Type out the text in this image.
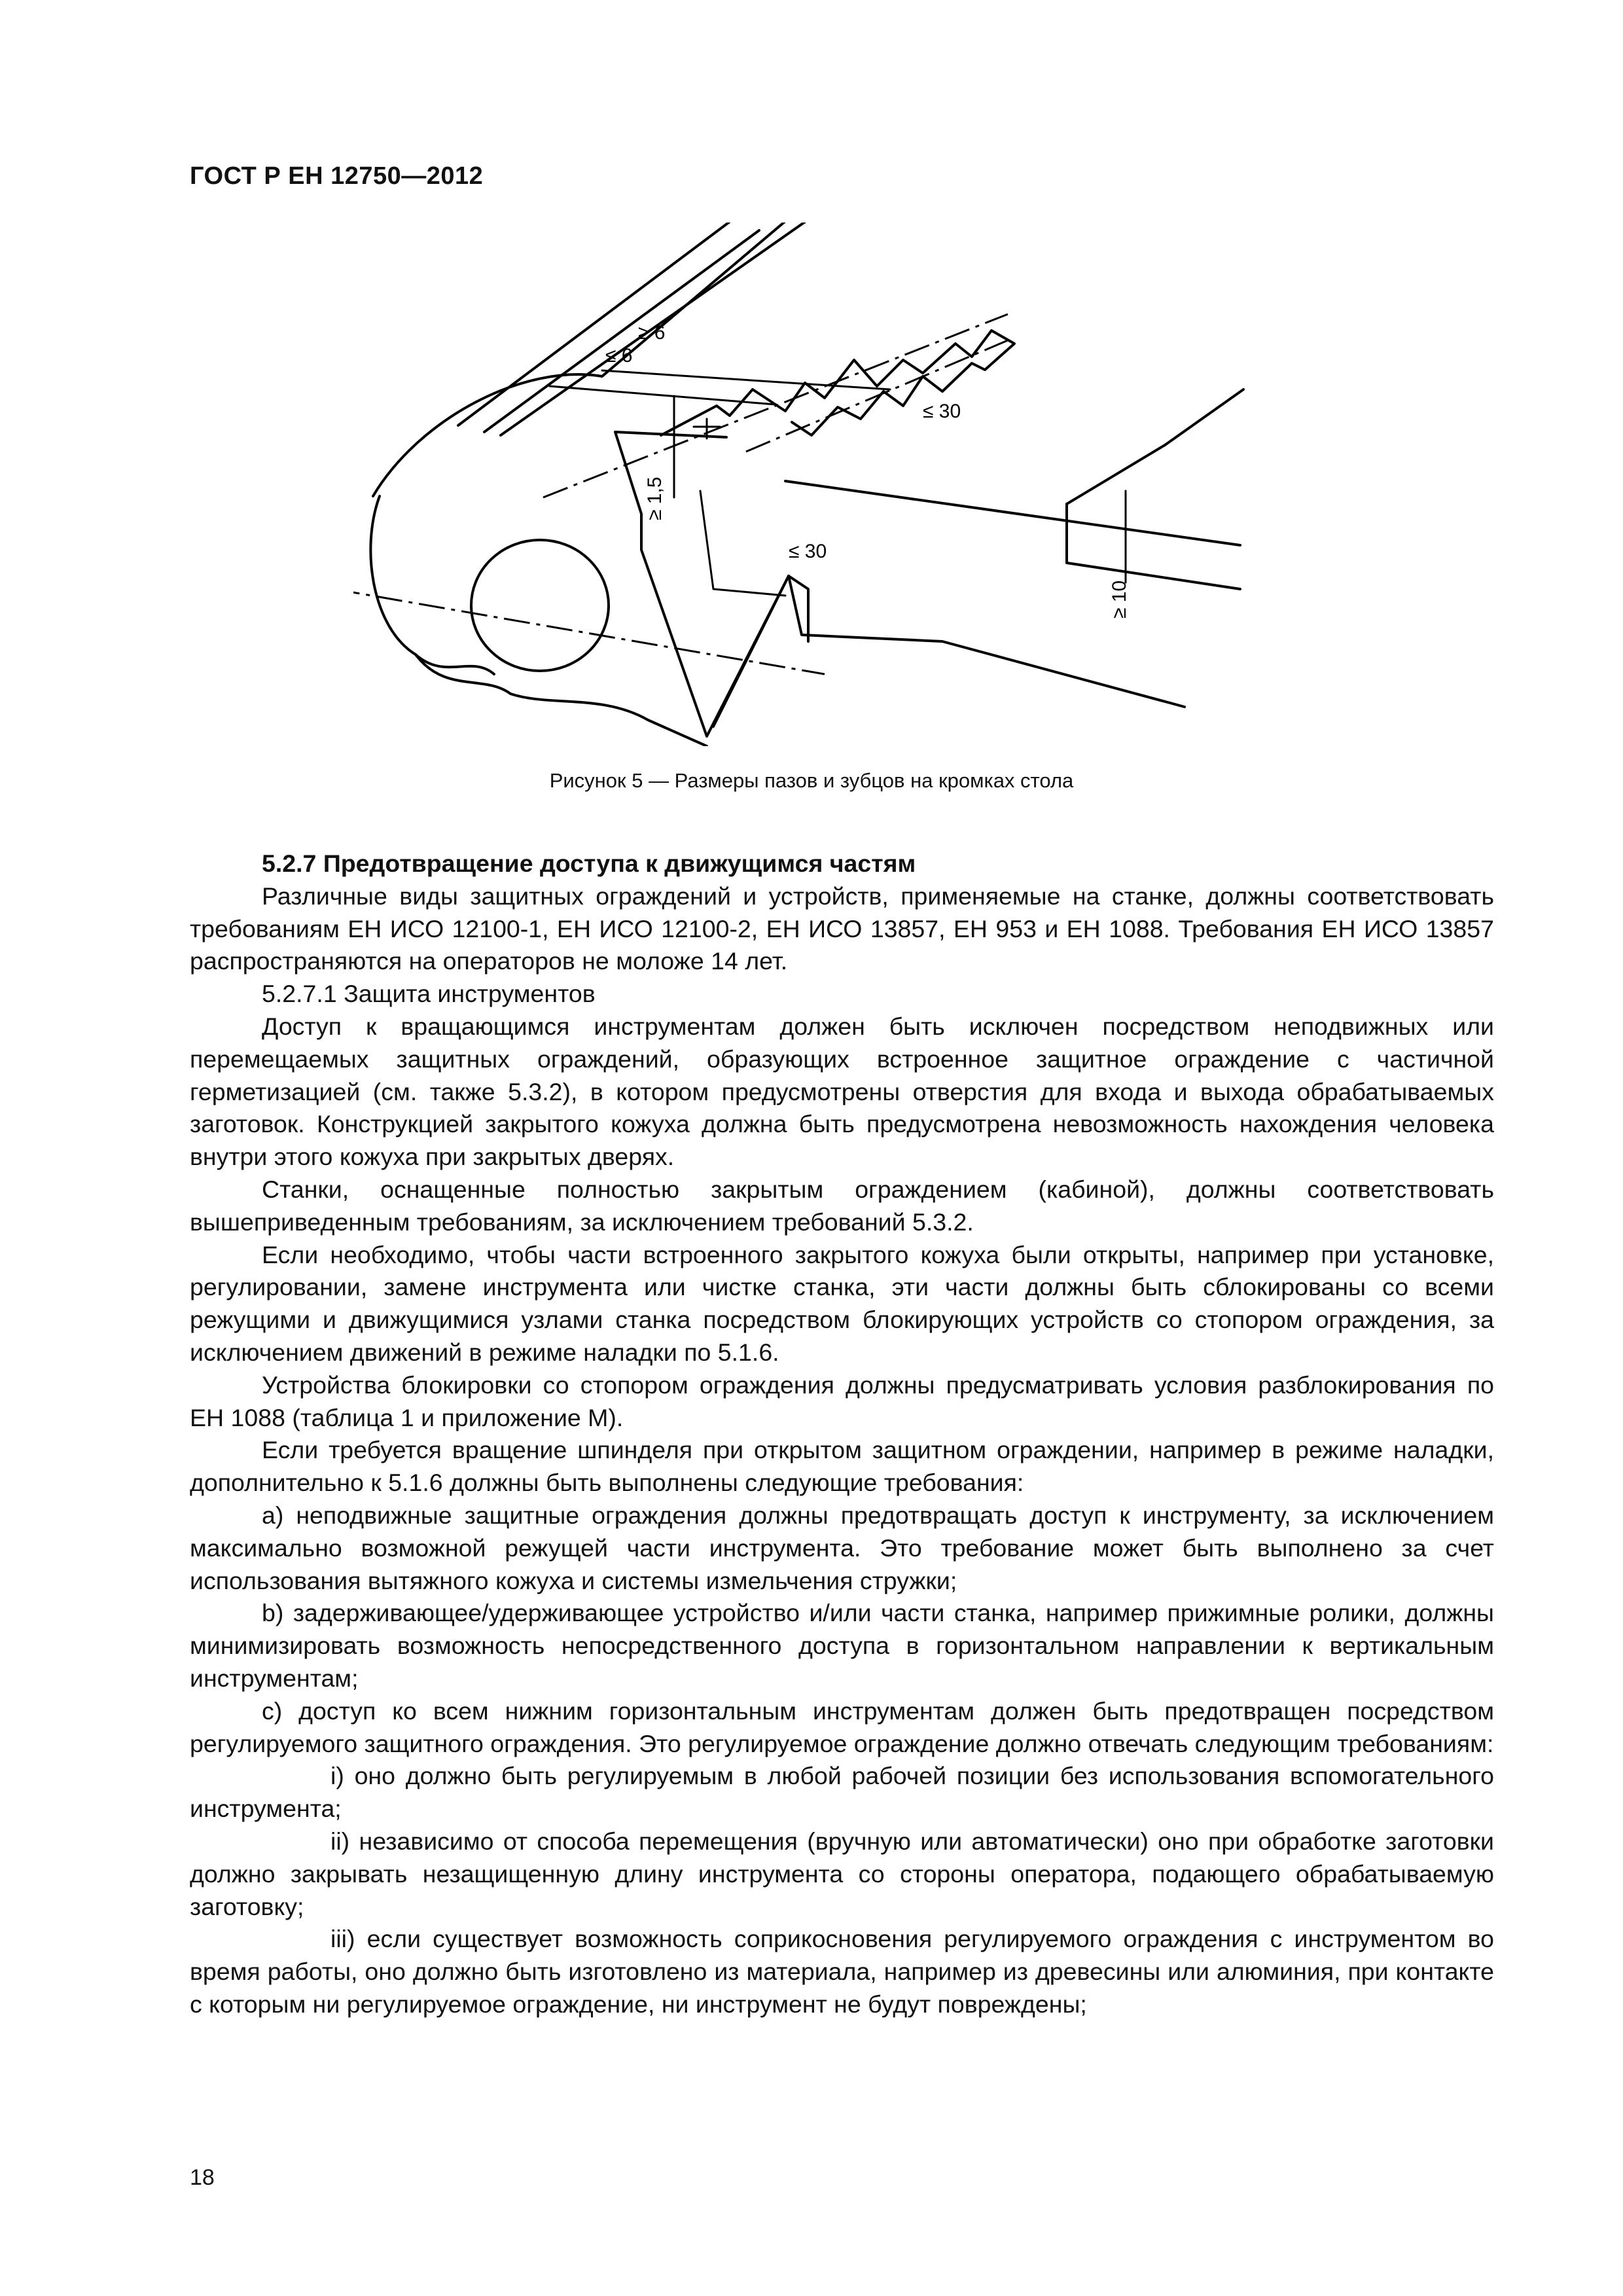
ГОСТ Р ЕН 12750—2012
≥ 6
≤ 6
≤ 30
≥ 1,5
≤ 30
≥ 10
Рисунок 5 — Размеры пазов и зубцов на кромках стола

5.2.7 Предотвращение доступа к движущимся частям

Различные виды защитных ограждений и устройств, применяемые на станке, должны соответствовать требованиям ЕН ИСО 12100-1, ЕН ИСО 12100-2, ЕН ИСО 13857, ЕН 953 и ЕН 1088. Требования ЕН ИСО 13857 распространяются на операторов не моложе 14 лет.

5.2.7.1 Защита инструментов

Доступ к вращающимся инструментам должен быть исключен посредством неподвижных или перемещаемых защитных ограждений, образующих встроенное защитное ограждение с частичной герметизацией (см. также 5.3.2), в котором предусмотрены отверстия для входа и выхода обрабатываемых заготовок. Конструкцией закрытого кожуха должна быть предусмотрена невозможность нахождения человека внутри этого кожуха при закрытых дверях.

Станки, оснащенные полностью закрытым ограждением (кабиной), должны соответствовать вышеприведенным требованиям, за исключением требований 5.3.2.

Если необходимо, чтобы части встроенного закрытого кожуха были открыты, например при установке, регулировании, замене инструмента или чистке станка, эти части должны быть сблокированы со всеми режущими и движущимися узлами станка посредством блокирующих устройств со стопором ограждения, за исключением движений в режиме наладки по 5.1.6.

Устройства блокировки со стопором ограждения должны предусматривать условия разблокирования по ЕН 1088 (таблица 1 и приложение М).

Если требуется вращение шпинделя при открытом защитном ограждении, например в режиме наладки, дополнительно к 5.1.6 должны быть выполнены следующие требования:

a) неподвижные защитные ограждения должны предотвращать доступ к инструменту, за исключением максимально возможной режущей части инструмента. Это требование может быть выполнено за счет использования вытяжного кожуха и системы измельчения стружки;

b) задерживающее/удерживающее устройство и/или части станка, например прижимные ролики, должны минимизировать возможность непосредственного доступа в горизонтальном направлении к вертикальным инструментам;

c) доступ ко всем нижним горизонтальным инструментам должен быть предотвращен посредством регулируемого защитного ограждения. Это регулируемое ограждение должно отвечать следующим требованиям:

i) оно должно быть регулируемым в любой рабочей позиции без использования вспомогательного инструмента;

ii) независимо от способа перемещения (вручную или автоматически) оно при обработке заготовки должно закрывать незащищенную длину инструмента со стороны оператора, подающего обрабатываемую заготовку;

iii) если существует возможность соприкосновения регулируемого ограждения с инструментом во время работы, оно должно быть изготовлено из материала, например из древесины или алюминия, при контакте с которым ни регулируемое ограждение, ни инструмент не будут повреждены;

18
